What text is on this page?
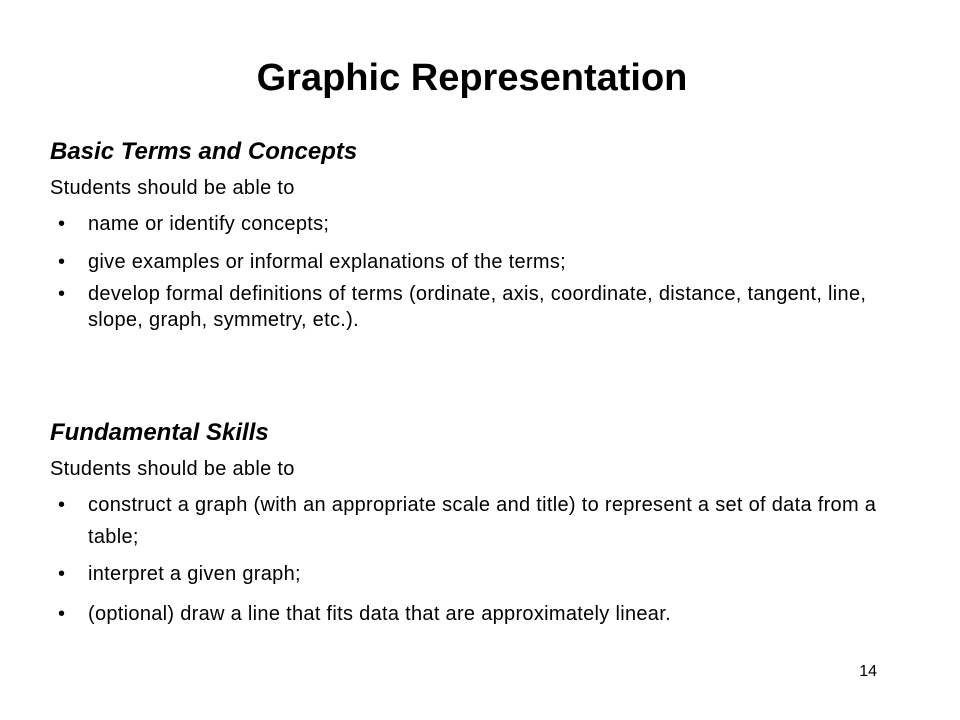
Graphic Representation

Basic Terms and Concepts

Students should be able to

• name or identify concepts;
• give examples or informal explanations of the terms;
• develop formal definitions of terms (ordinate, axis, coordinate, distance, tangent, line, slope, graph, symmetry, etc.).

Fundamental Skills

Students should be able to

• construct a graph (with an appropriate scale and title) to represent a set of data from a table;
• interpret a given graph;
• (optional) draw a line that fits data that are approximately linear.
14
